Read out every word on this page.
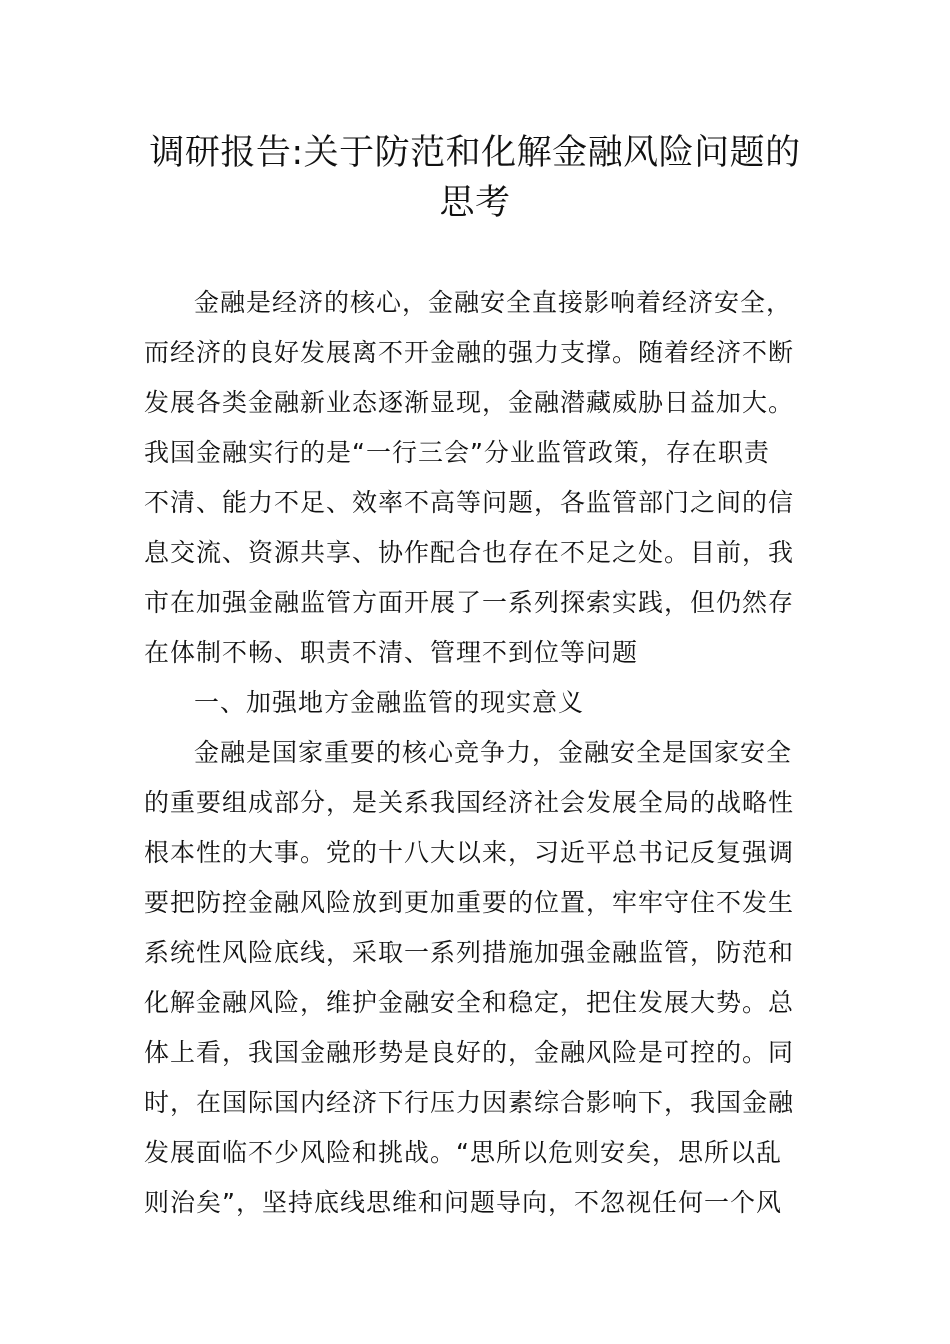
调研报告:关于防范和化解金融风险问题的
思考
金融是经济的核心，金融安全直接影响着经济安全，
而经济的良好发展离不开金融的强力支撑。随着经济不断
发展各类金融新业态逐渐显现，金融潜藏威胁日益加大。
我国金融实行的是“一行三会”分业监管政策，存在职责
不清、能力不足、效率不高等问题，各监管部门之间的信
息交流、资源共享、协作配合也存在不足之处。目前，我
市在加强金融监管方面开展了一系列探索实践，但仍然存
在体制不畅、职责不清、管理不到位等问题
一、加强地方金融监管的现实意义
金融是国家重要的核心竞争力，金融安全是国家安全
的重要组成部分，是关系我国经济社会发展全局的战略性
根本性的大事。党的十八大以来，习近平总书记反复强调
要把防控金融风险放到更加重要的位置，牢牢守住不发生
系统性风险底线，采取一系列措施加强金融监管，防范和
化解金融风险，维护金融安全和稳定，把住发展大势。总
体上看，我国金融形势是良好的，金融风险是可控的。同
时，在国际国内经济下行压力因素综合影响下，我国金融
发展面临不少风险和挑战。“思所以危则安矣，思所以乱
则治矣”，坚持底线思维和问题导向，不忽视任何一个风
